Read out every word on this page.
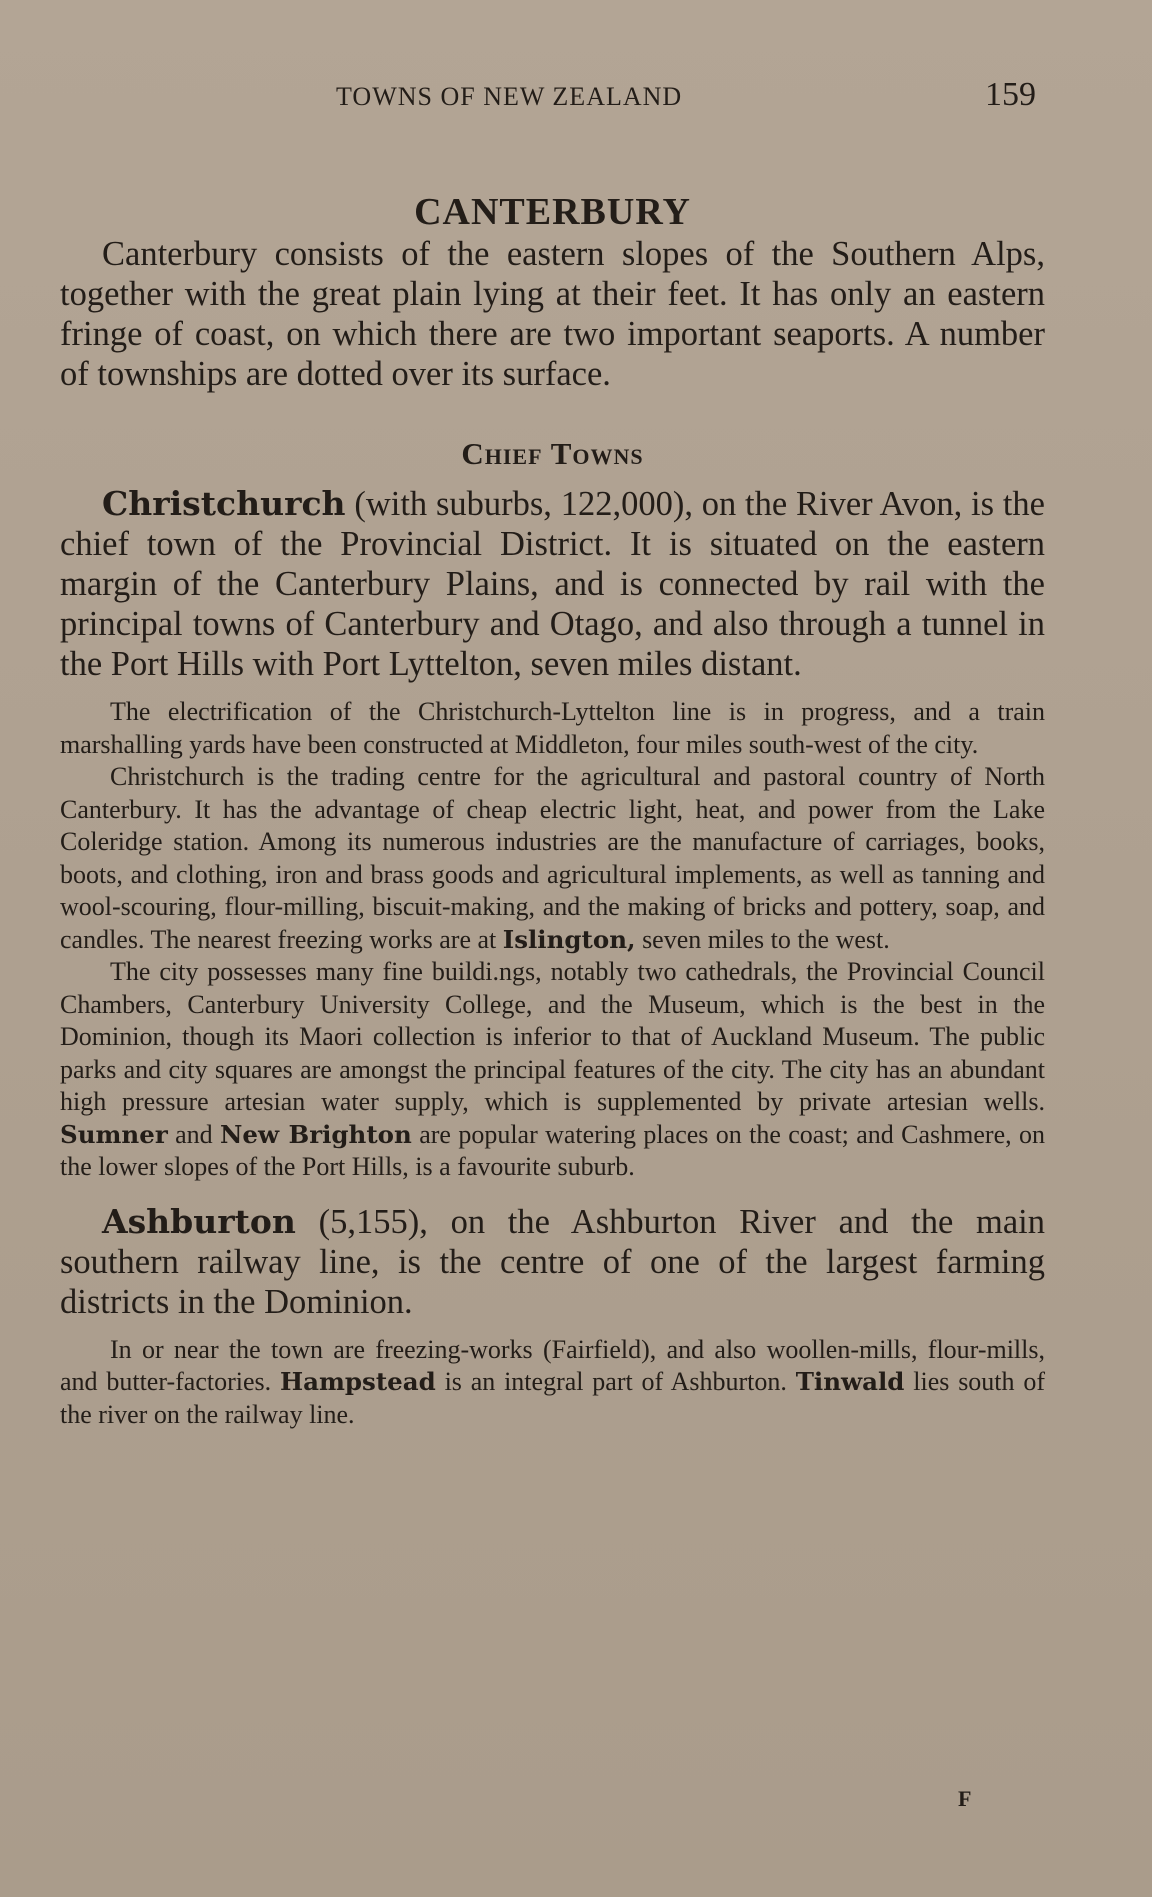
TOWNS OF NEW ZEALAND	159
CANTERBURY

Canterbury consists of the eastern slopes of the Southern Alps, together with the great plain lying at their feet. It has only an eastern fringe of coast, on which there are two important seaports. A number of townships are dotted over its surface.

Chief Towns

Christchurch (with suburbs, 122,000), on the River Avon, is the chief town of the Provincial District. It is situated on the eastern margin of the Canterbury Plains, and is connected by rail with the principal towns of Canterbury and Otago, and also through a tunnel in the Port Hills with Port Lyttelton, seven miles distant.

The electrification of the Christchurch-Lyttelton line is in progress, and a train marshalling yards have been constructed at Middleton, four miles south-west of the city.

Christchurch is the trading centre for the agricultural and pastoral country of North Canterbury. It has the advantage of cheap electric light, heat, and power from the Lake Coleridge station. Among its numerous industries are the manufacture of carriages, books, boots, and clothing, iron and brass goods and agricultural implements, as well as tanning and wool-scouring, flour-milling, biscuit-making, and the making of bricks and pottery, soap, and candles. The nearest freezing works are at Islington, seven miles to the west.

The city possesses many fine buildi.ngs, notably two cathedrals, the Provincial Council Chambers, Canterbury University College, and the Museum, which is the best in the Dominion, though its Maori collection is inferior to that of Auckland Museum. The public parks and city squares are amongst the principal features of the city. The city has an abundant high pressure artesian water supply, which is supplemented by private artesian wells. Sumner and New Brighton are popular watering places on the coast; and Cashmere, on the lower slopes of the Port Hills, is a favourite suburb.

Ashburton (5,155), on the Ashburton River and the main southern railway line, is the centre of one of the largest farming districts in the Dominion.

In or near the town are freezing-works (Fairfield), and also woollen-mills, flour-mills, and butter-factories. Hampstead is an integral part of Ashburton. Tinwald lies south of the river on the railway line.

F
